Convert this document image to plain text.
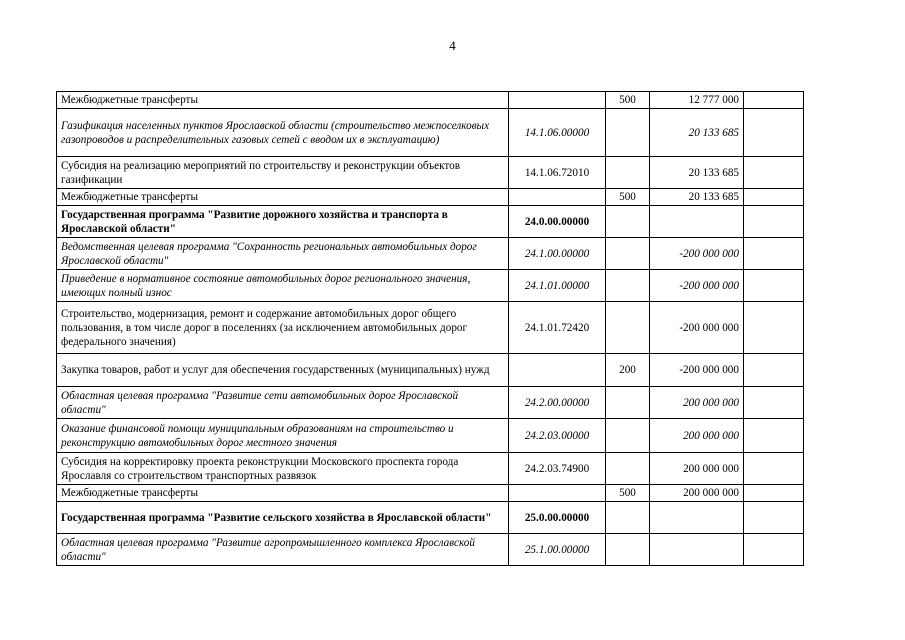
4
Межбюджетные трансферты		500	12 777 000	
Газификация населенных пунктов Ярославской области (строительство межпоселковых газопроводов и распределительных газовых сетей с вводом их в эксплуатацию)	14.1.06.00000		20 133 685	
Субсидия на реализацию мероприятий по строительству и реконструкции объектов газификации	14.1.06.72010		20 133 685	
Межбюджетные трансферты		500	20 133 685	
Государственная программа "Развитие дорожного хозяйства и транспорта в Ярославской области"	24.0.00.00000			
Ведомственная целевая программа "Сохранность региональных автомобильных дорог Ярославской области"	24.1.00.00000		-200 000 000	
Приведение в нормативное состояние автомобильных дорог регионального значения, имеющих полный износ	24.1.01.00000		-200 000 000	
Строительство, модернизация, ремонт и содержание автомобильных дорог общего пользования, в том числе дорог в поселениях (за исключением автомобильных дорог федерального значения)	24.1.01.72420		-200 000 000	
Закупка товаров, работ и услуг для обеспечения государственных (муниципальных) нужд		200	-200 000 000	
Областная целевая программа "Развитие сети автомобильных дорог Ярославской области"	24.2.00.00000		200 000 000	
Оказание финансовой помощи муниципальным образованиям на строительство и реконструкцию автомобильных дорог местного значения	24.2.03.00000		200 000 000	
Субсидия на корректировку проекта реконструкции Московского проспекта города Ярославля со строительством транспортных развязок	24.2.03.74900		200 000 000	
Межбюджетные трансферты		500	200 000 000	
Государственная программа "Развитие сельского хозяйства в Ярославской области"	25.0.00.00000			
Областная целевая программа "Развитие агропромышленного комплекса Ярославской области"	25.1.00.00000			
